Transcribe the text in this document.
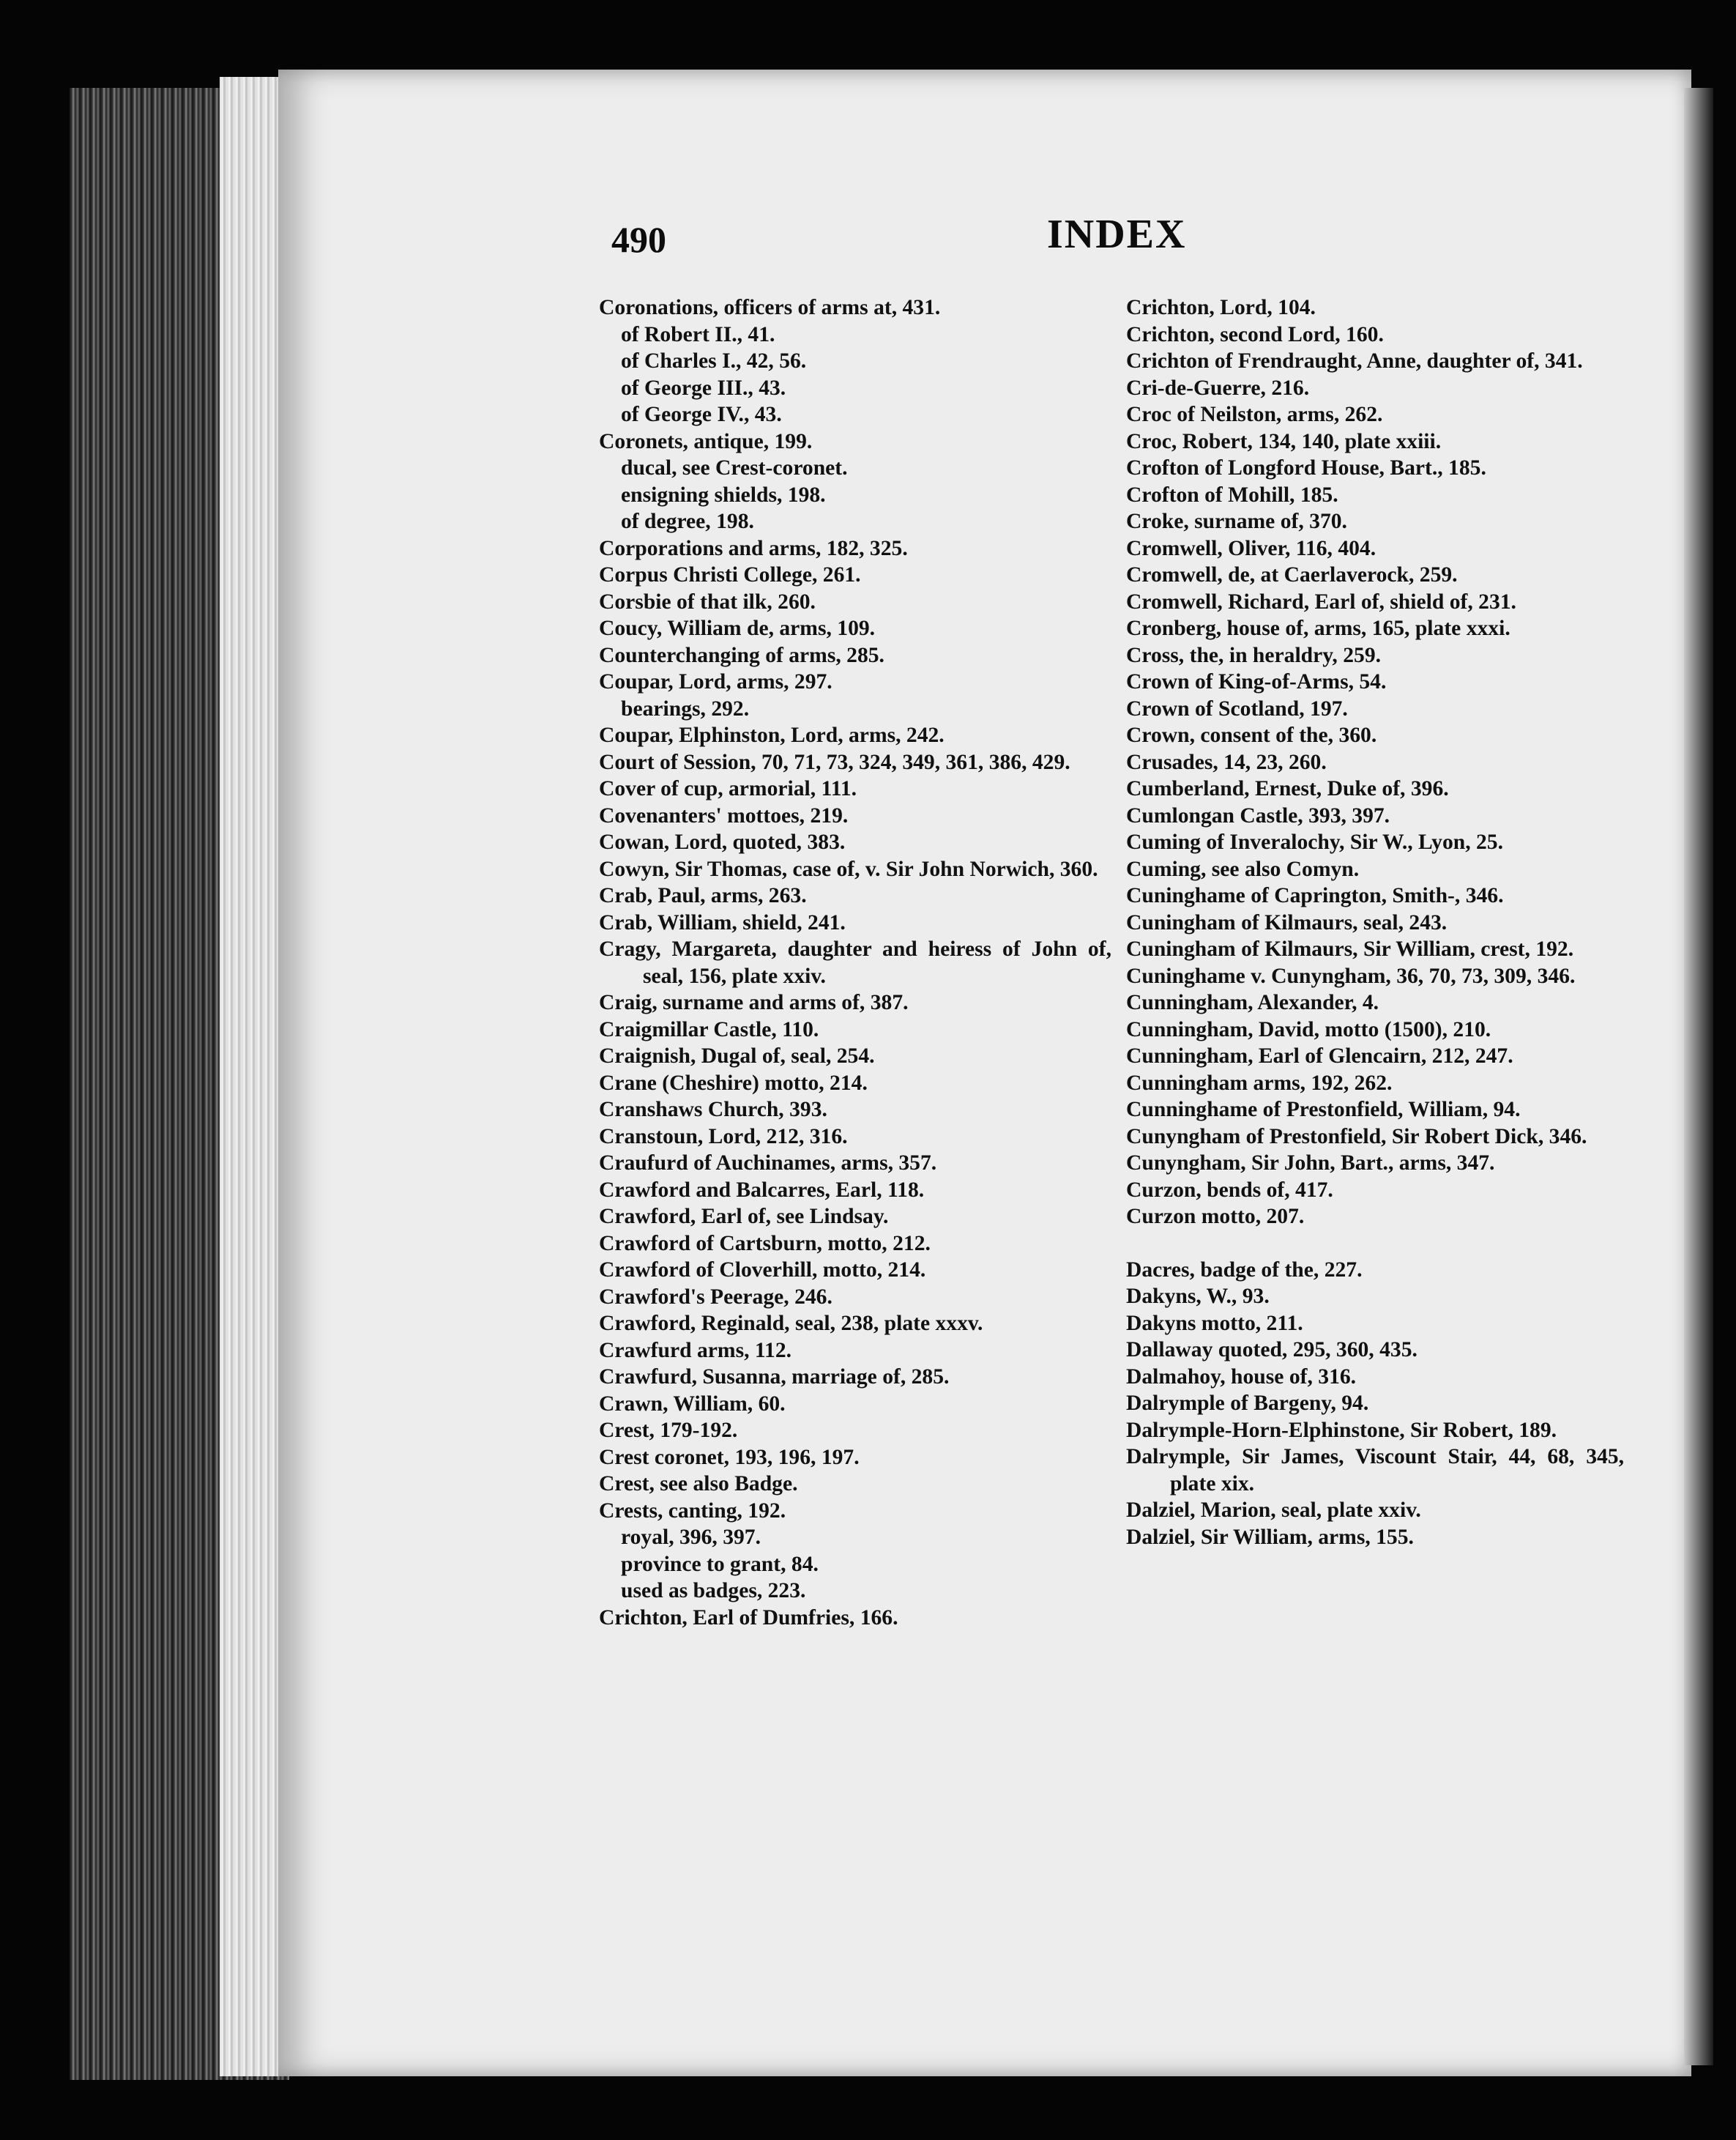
490	INDEX
Coronations, officers of arms at, 431.
of Robert II., 41.
of Charles I., 42, 56.
of George III., 43.
of George IV., 43.
Coronets, antique, 199.
ducal, see Crest-coronet.
ensigning shields, 198.
of degree, 198.
Corporations and arms, 182, 325.
Corpus Christi College, 261.
Corsbie of that ilk, 260.
Coucy, William de, arms, 109.
Counterchanging of arms, 285.
Coupar, Lord, arms, 297.
bearings, 292.
Coupar, Elphinston, Lord, arms, 242.
Court of Session, 70, 71, 73, 324, 349, 361, 386, 429.
Cover of cup, armorial, 111.
Covenanters' mottoes, 219.
Cowan, Lord, quoted, 383.
Cowyn, Sir Thomas, case of, v. Sir John Norwich, 360.
Crab, Paul, arms, 263.
Crab, William, shield, 241.
Cragy, Margareta, daughter and heiress of John of, seal, 156, plate xxiv.
Craig, surname and arms of, 387.
Craigmillar Castle, 110.
Craignish, Dugal of, seal, 254.
Crane (Cheshire) motto, 214.
Cranshaws Church, 393.
Cranstoun, Lord, 212, 316.
Craufurd of Auchinames, arms, 357.
Crawford and Balcarres, Earl, 118.
Crawford, Earl of, see Lindsay.
Crawford of Cartsburn, motto, 212.
Crawford of Cloverhill, motto, 214.
Crawford's Peerage, 246.
Crawford, Reginald, seal, 238, plate xxxv.
Crawfurd arms, 112.
Crawfurd, Susanna, marriage of, 285.
Crawn, William, 60.
Crest, 179-192.
Crest coronet, 193, 196, 197.
Crest, see also Badge.
Crests, canting, 192.
royal, 396, 397.
province to grant, 84.
used as badges, 223.
Crichton, Earl of Dumfries, 166.
Crichton, Lord, 104.
Crichton, second Lord, 160.
Crichton of Frendraught, Anne, daughter of, 341.
Cri-de-Guerre, 216.
Croc of Neilston, arms, 262.
Croc, Robert, 134, 140, plate xxiii.
Crofton of Longford House, Bart., 185.
Crofton of Mohill, 185.
Croke, surname of, 370.
Cromwell, Oliver, 116, 404.
Cromwell, de, at Caerlaverock, 259.
Cromwell, Richard, Earl of, shield of, 231.
Cronberg, house of, arms, 165, plate xxxi.
Cross, the, in heraldry, 259.
Crown of King-of-Arms, 54.
Crown of Scotland, 197.
Crown, consent of the, 360.
Crusades, 14, 23, 260.
Cumberland, Ernest, Duke of, 396.
Cumlongan Castle, 393, 397.
Cuming of Inveralochy, Sir W., Lyon, 25.
Cuming, see also Comyn.
Cuninghame of Caprington, Smith-, 346.
Cuningham of Kilmaurs, seal, 243.
Cuningham of Kilmaurs, Sir William, crest, 192.
Cuninghame v. Cunyngham, 36, 70, 73, 309, 346.
Cunningham, Alexander, 4.
Cunningham, David, motto (1500), 210.
Cunningham, Earl of Glencairn, 212, 247.
Cunningham arms, 192, 262.
Cunninghame of Prestonfield, William, 94.
Cunyngham of Prestonfield, Sir Robert Dick, 346.
Cunyngham, Sir John, Bart., arms, 347.
Curzon, bends of, 417.
Curzon motto, 207.
Dacres, badge of the, 227.
Dakyns, W., 93.
Dakyns motto, 211.
Dallaway quoted, 295, 360, 435.
Dalmahoy, house of, 316.
Dalrymple of Bargeny, 94.
Dalrymple-Horn-Elphinstone, Sir Robert, 189.
Dalrymple, Sir James, Viscount Stair, 44, 68, 345, plate xix.
Dalziel, Marion, seal, plate xxiv.
Dalziel, Sir William, arms, 155.
